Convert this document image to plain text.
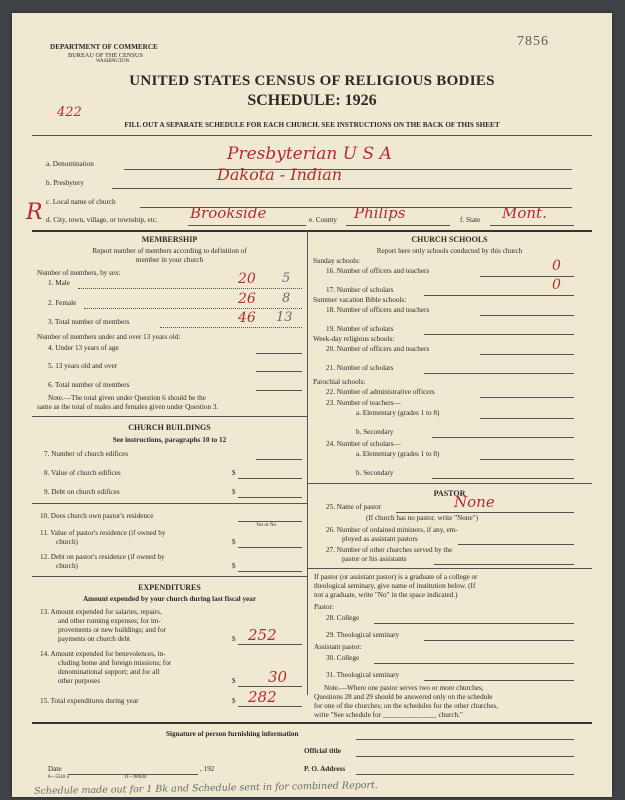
DEPARTMENT OF COMMERCE
BUREAU OF THE CENSUS
WASHINGTON
7856
UNITED STATES CENSUS OF RELIGIOUS BODIES
SCHEDULE: 1926
422
FILL OUT A SEPARATE SCHEDULE FOR EACH CHURCH. SEE INSTRUCTIONS ON THE BACK OF THIS SHEET
a. Denomination	Presbyterian U S A
b. Presbytery	Dakota - Indian
c. Local name of church
R d. City, town, village, or township, etc. Brookside	e. County Philips	f. State Mont.
MEMBERSHIP
Report number of members according to definition of
member in your church
Number of members, by sex:
1. Male	20 5
2. Female	26 8
3. Total number of members	46 13
Number of members under and over 13 years old:
4. Under 13 years of age
5. 13 years old and over
6. Total number of members
Note.—The total given under Question 6 should be the
same as the total of males and females given under Question 3.
CHURCH BUILDINGS
See instructions, paragraphs 10 to 12
7. Number of church edifices
8. Value of church edifices	$
9. Debt on church edifices	$
10. Does church own pastor's residence
Yes or No
11. Value of pastor's residence (if owned by
church)	$
12. Debt on pastor's residence (if owned by
church)	$
EXPENDITURES
Amount expended by your church during last fiscal year
13. Amount expended for salaries, repairs,
and other running expenses; for im-
provements or new buildings; and for
payments on church debt	$ 252
14. Amount expended for benevolences, in-
cluding home and foreign missions; for
denominational support; and for all
other purposes	$ 30
15. Total expenditures during year	$ 282
CHURCH SCHOOLS
Report here only schools conducted by this church
Sunday schools:
16. Number of officers and teachers	0
17. Number of scholars	0
Summer vacation Bible schools:
18. Number of officers and teachers
19. Number of scholars
Week-day religious schools:
20. Number of officers and teachers
21. Number of scholars
Parochial schools:
22. Number of administrative officers
23. Number of teachers—
a. Elementary (grades 1 to 8)
b. Secondary
24. Number of scholars—
a. Elementary (grades 1 to 8)
b. Secondary
PASTOR
25. Name of pastor	None
(If church has no pastor, write "None")
26. Number of ordained ministers, if any, em-
ployed as assistant pastors
27. Number of other churches served by the
pastor or his assistants
If pastor (or assistant pastor) is a graduate of a college or
theological seminary, give name of institution below. (If
not a graduate, write "No" in the space indicated.)
Pastor:
28. College
29. Theological seminary
Assistant pastor:
30. College
31. Theological seminary
Note.—Where one pastor serves two or more churches,
Questions 28 and 29 should be answered only on the schedule
for one of the churches; on the schedules for the other churches,
write "See schedule for _______________ church."
Signature of person furnishing information
Official title
Date	, 192	P. O. Address
6—5518 a	11—90644
Schedule made out for 1 Bk and Schedule sent in for combined Report.
